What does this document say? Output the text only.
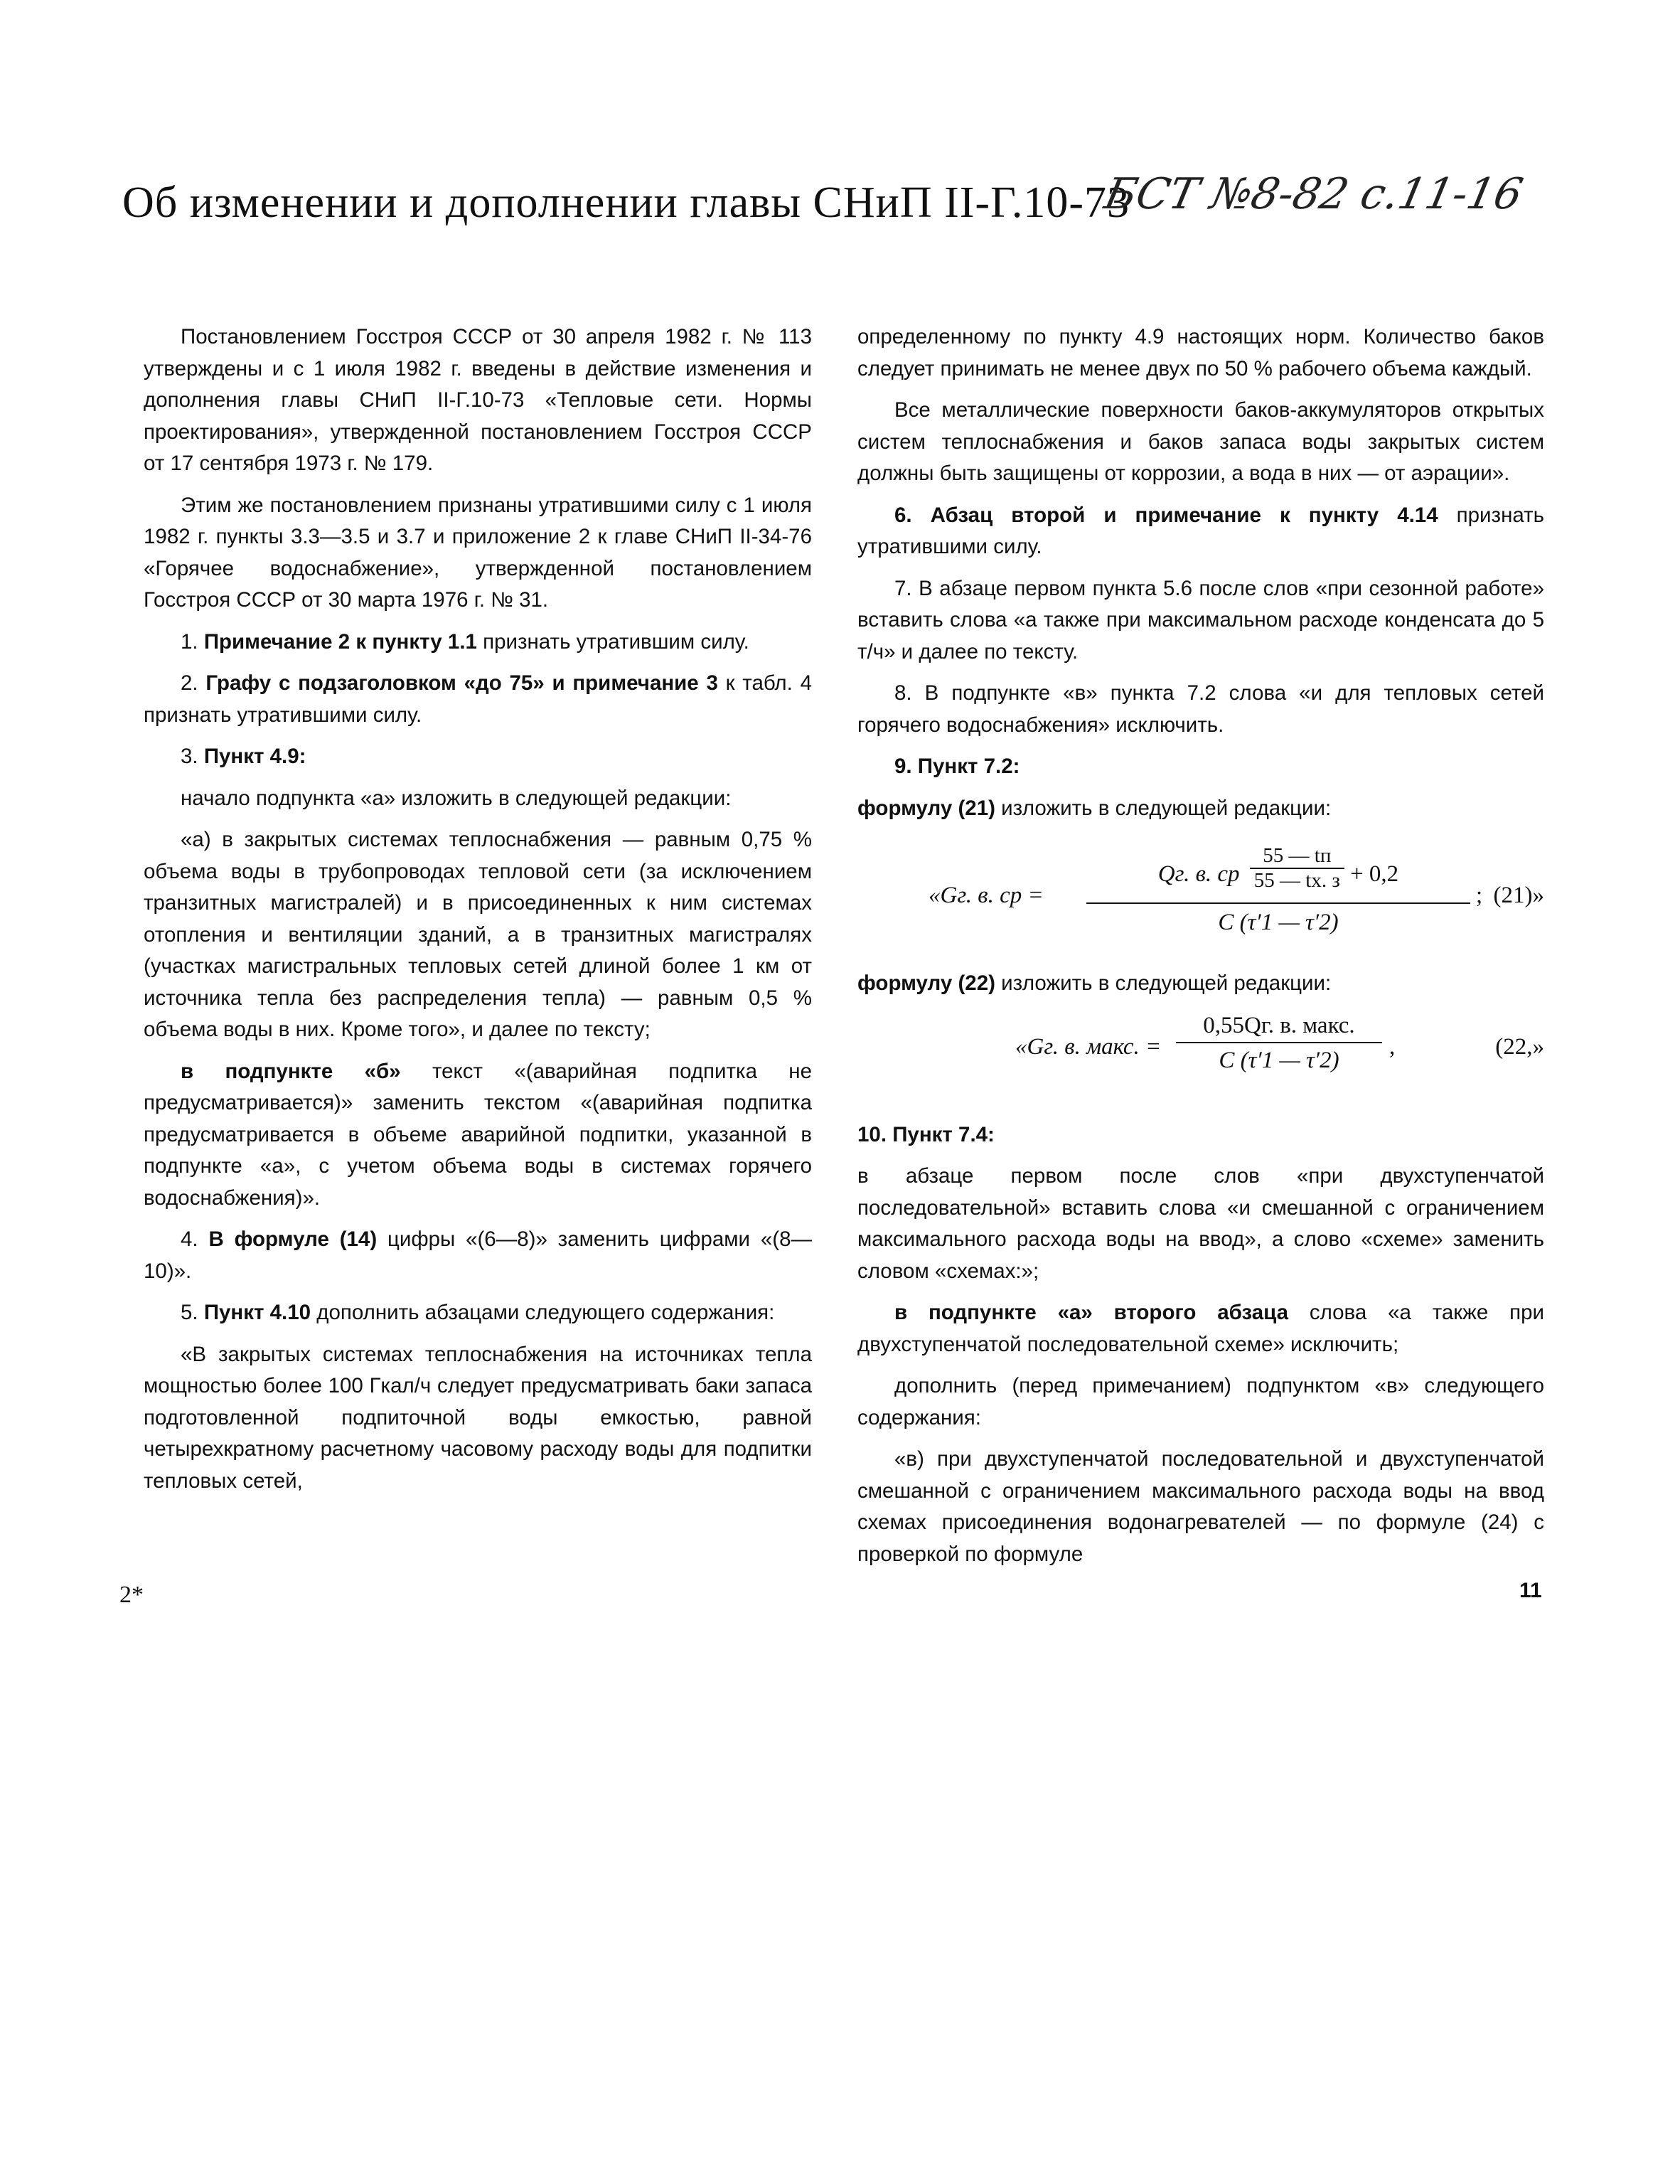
Об изменении и дополнении главы СНиП II-Г.10-73
БСТ №8-82 с.11-16

Постановлением Госстроя СССР от 30 апреля 1982 г. № 113 утверждены и с 1 июля 1982 г. введены в действие изменения и дополнения главы СНиП II-Г.10-73 «Тепловые сети. Нормы проектирования», утвержденной постановлением Госстроя СССР от 17 сентября 1973 г. № 179.

Этим же постановлением признаны утратившими силу с 1 июля 1982 г. пункты 3.3—3.5 и 3.7 и приложение 2 к главе СНиП II-34-76 «Горячее водоснабжение», утвержденной постановлением Госстроя СССР от 30 марта 1976 г. № 31.

1. Примечание 2 к пункту 1.1 признать утратившим силу.

2. Графу с подзаголовком «до 75» и примечание 3 к табл. 4 признать утратившими силу.

3. Пункт 4.9:

начало подпункта «а» изложить в следующей редакции:

«а) в закрытых системах теплоснабжения — равным 0,75 % объема воды в трубопроводах тепловой сети (за исключением транзитных магистралей) и в присоединенных к ним системах отопления и вентиляции зданий, а в транзитных магистралях (участках магистральных тепловых сетей длиной более 1 км от источника тепла без распределения тепла) — равным 0,5 % объема воды в них. Кроме того», и далее по тексту;

в подпункте «б» текст «(аварийная подпитка не предусматривается)» заменить текстом «(аварийная подпитка предусматривается в объеме аварийной подпитки, указанной в подпункте «а», с учетом объема воды в системах горячего водоснабжения)».

4. В формуле (14) цифры «(6—8)» заменить цифрами «(8—10)».

5. Пункт 4.10 дополнить абзацами следующего содержания:

«В закрытых системах теплоснабжения на источниках тепла мощностью более 100 Гкал/ч следует предусматривать баки запаса подготовленной подпиточной воды емкостью, равной четырехкратному расчетному часовому расходу воды для подпитки тепловых сетей,

определенному по пункту 4.9 настоящих норм. Количество баков следует принимать не менее двух по 50 % рабочего объема каждый.

Все металлические поверхности баков-аккумуляторов открытых систем теплоснабжения и баков запаса воды закрытых систем должны быть защищены от коррозии, а вода в них — от аэрации».

6. Абзац второй и примечание к пункту 4.14 признать утратившими силу.

7. В абзаце первом пункта 5.6 после слов «при сезонной работе» вставить слова «а также при максимальном расходе конденсата до 5 т/ч» и далее по тексту.

8. В подпункте «в» пункта 7.2 слова «и для тепловых сетей горячего водоснабжения» исключить.

9. Пункт 7.2:

формулу (21) изложить в следующей редакции:

«Gг. в. ср =
Qг. в. ср
55 — tп
55 — tх. з + 0,2
C (τ′1 — τ′2)
; (21)»

формулу (22) изложить в следующей редакции:

«Gг. в. макс. =
0,55Qг. в. макс.
C (τ′1 — τ′2)
,	(22,»

10. Пункт 7.4:

в абзаце первом после слов «при двухступенчатой последовательной» вставить слова «и смешанной с ограничением максимального расхода воды на ввод», а слово «схеме» заменить словом «схемах:»;

в подпункте «а» второго абзаца слова «а также при двухступенчатой последовательной схеме» исключить;

дополнить (перед примечанием) подпунктом «в» следующего содержания:

«в) при двухступенчатой последовательной и двухступенчатой смешанной с ограничением максимального расхода воды на ввод схемах присоединения водонагревателей — по формуле (24) с проверкой по формуле

2*	11
